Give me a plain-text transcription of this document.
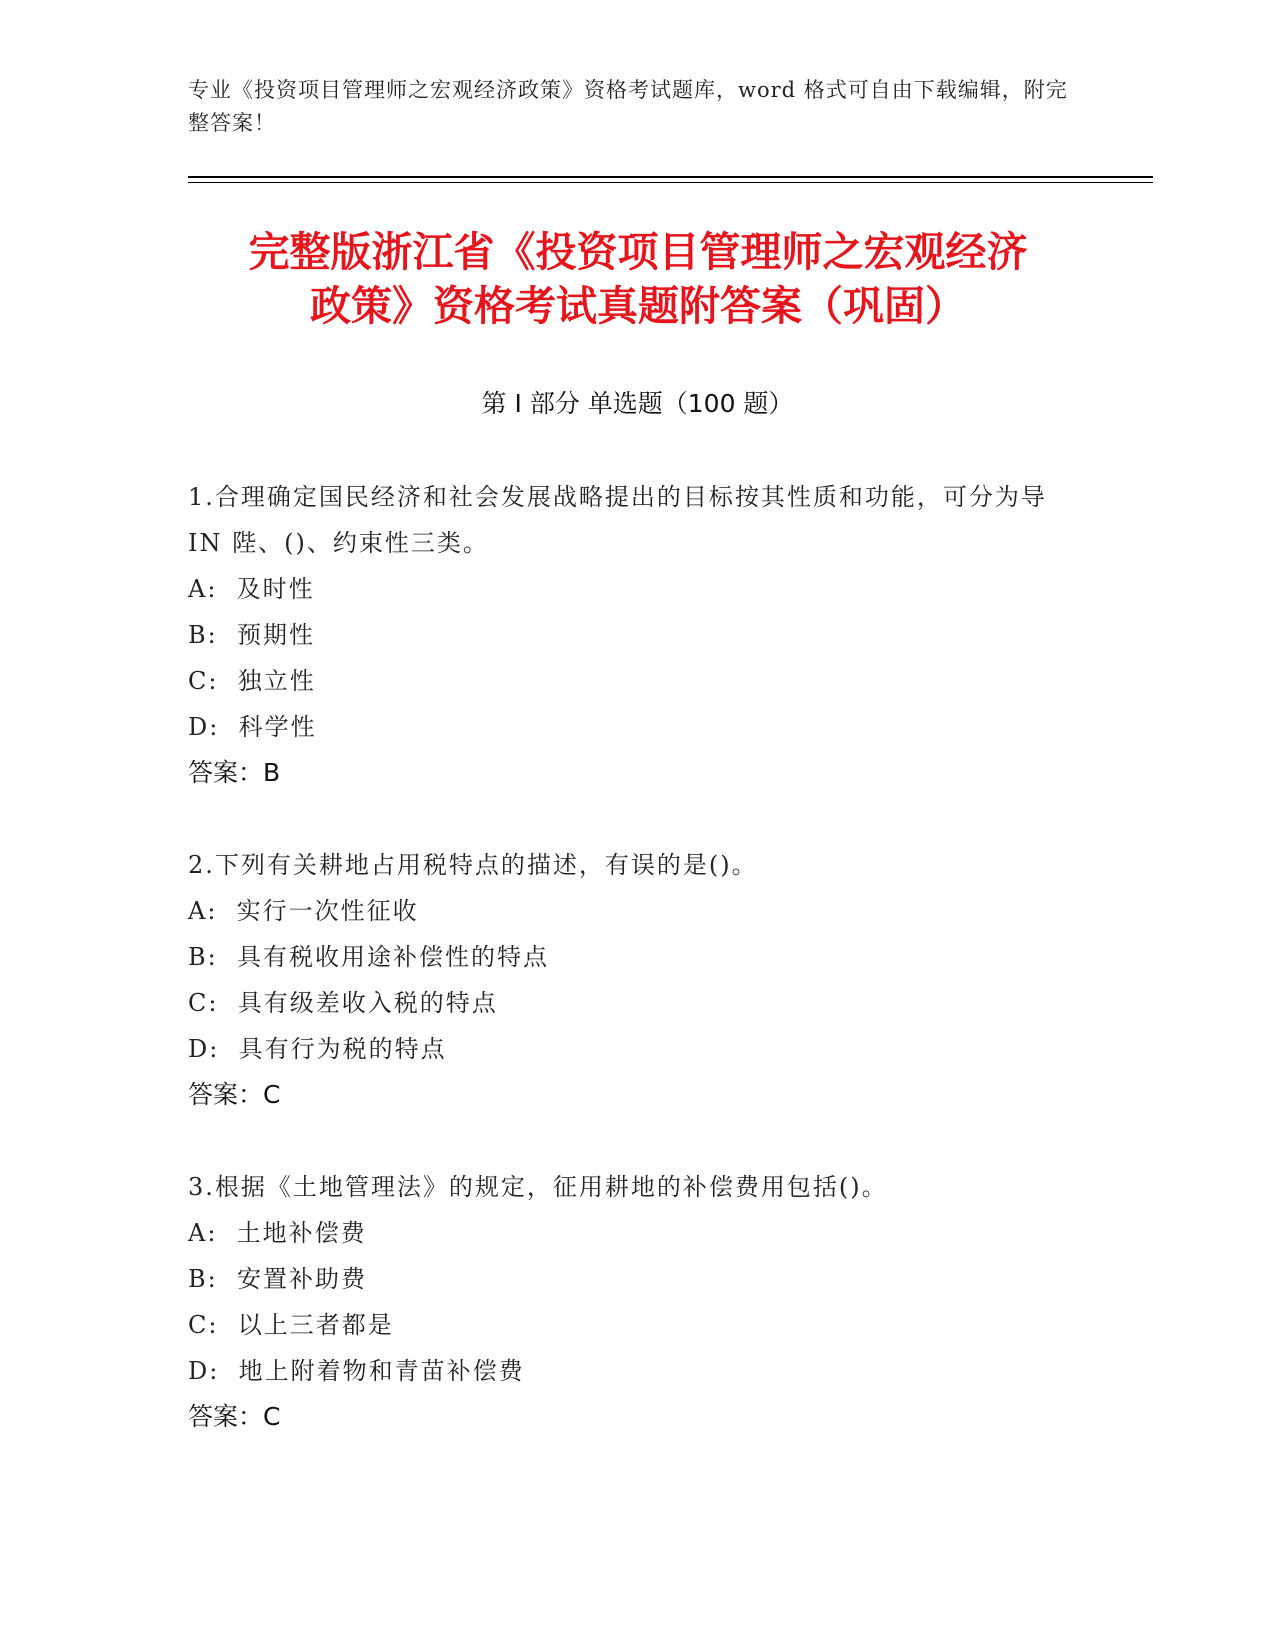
专业《投资项目管理师之宏观经济政策》资格考试题库，word 格式可自由下载编辑，附完整答案！
完整版浙江省《投资项目管理师之宏观经济
政策》资格考试真题附答案（巩固）
第 I 部分 单选题（100 题）
1.合理确定国民经济和社会发展战略提出的目标按其性质和功能，可分为导 IN 陛、()、约束性三类。
A:  及时性
B:  预期性
C:  独立性
D:  科学性
答案：B
2.下列有关耕地占用税特点的描述，有误的是()。
A:  实行一次性征收
B:  具有税收用途补偿性的特点
C:  具有级差收入税的特点
D:  具有行为税的特点
答案：C
3.根据《土地管理法》的规定，征用耕地的补偿费用包括()。
A:  土地补偿费
B:  安置补助费
C:  以上三者都是
D:  地上附着物和青苗补偿费
答案：C
